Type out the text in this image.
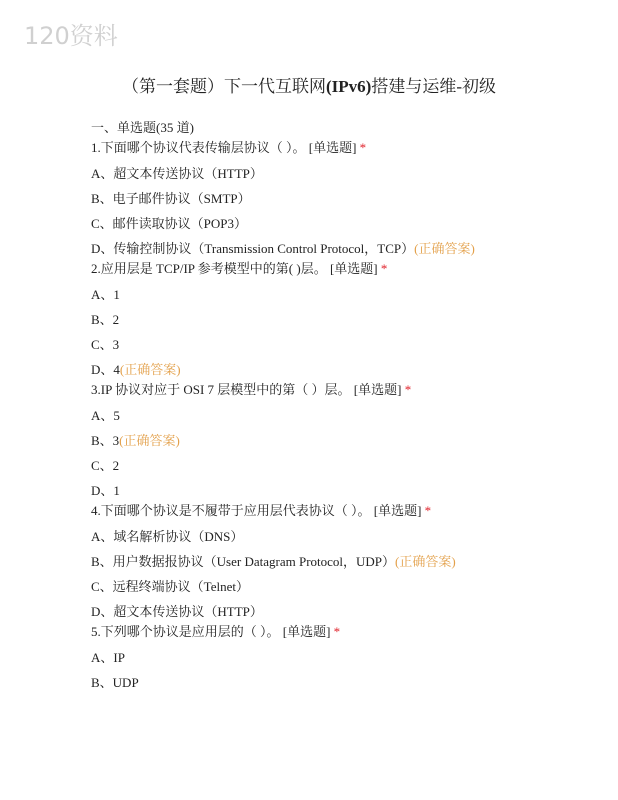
120资料
（第一套题）下一代互联网(IPv6)搭建与运维-初级
一、单选题(35 道)
1.下面哪个协议代表传输层协议（ ）。 [单选题] *
A、超文本传送协议（HTTP）
B、电子邮件协议（SMTP）
C、邮件读取协议（POP3）
D、传输控制协议（Transmission Control Protocol，TCP）(正确答案)
2.应用层是 TCP/IP 参考模型中的第( )层。 [单选题] *
A、1
B、2
C、3
D、4(正确答案)
3.IP 协议对应于 OSI 7 层模型中的第（ ）层。 [单选题] *
A、5
B、3(正确答案)
C、2
D、1
4.下面哪个协议是不履带于应用层代表协议（ ）。 [单选题] *
A、域名解析协议（DNS）
B、用户数据报协议（User Datagram Protocol，UDP）(正确答案)
C、远程终端协议（Telnet）
D、超文本传送协议（HTTP）
5.下列哪个协议是应用层的（ ）。 [单选题] *
A、IP
B、UDP
